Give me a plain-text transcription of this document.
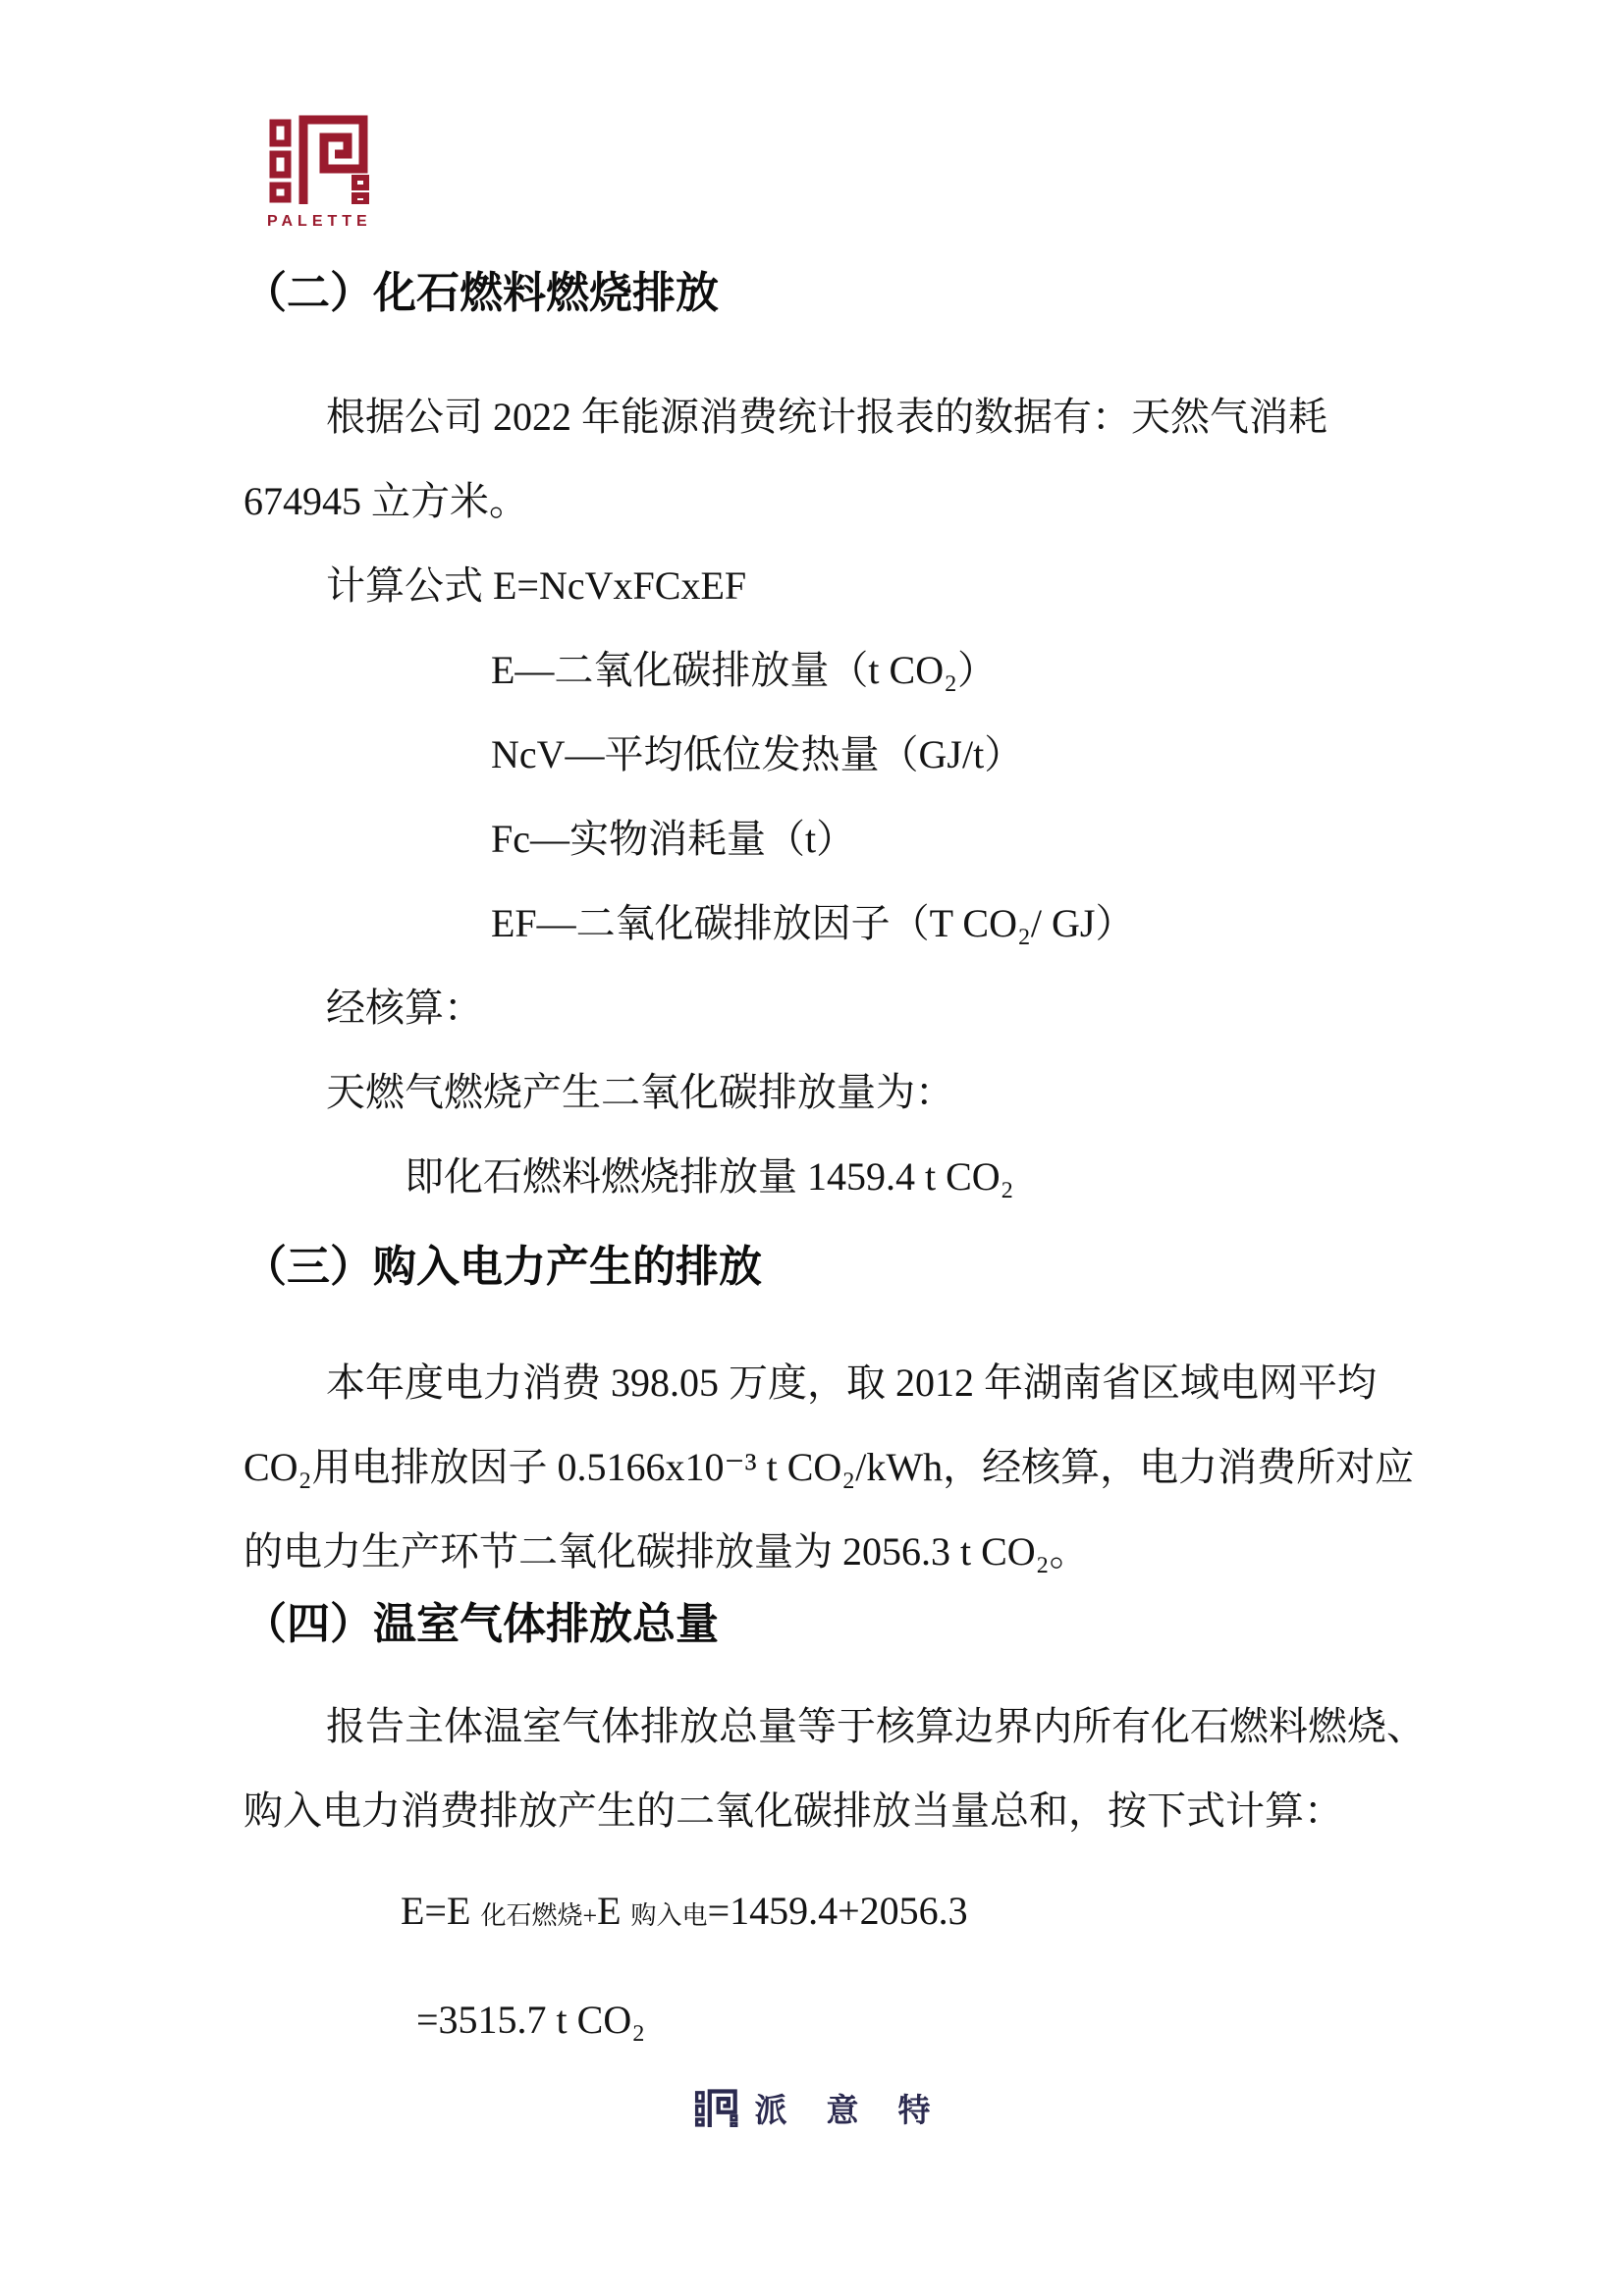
PALETTE
（二）化石燃料燃烧排放
根据公司 2022 年能源消费统计报表的数据有：天然气消耗
674945 立方米。
计算公式 E=NcVxFCxEF
E—二氧化碳排放量（t CO₂）
NcV—平均低位发热量（GJ/t）
Fc—实物消耗量（t）
EF—二氧化碳排放因子（T CO₂/ GJ）
经核算：
天燃气燃烧产生二氧化碳排放量为：
即化石燃料燃烧排放量 1459.4 t CO₂
（三）购入电力产生的排放
本年度电力消费 398.05 万度，取 2012 年湖南省区域电网平均
CO₂用电排放因子 0.5166x10⁻³ t CO₂/kWh，经核算，电力消费所对应
的电力生产环节二氧化碳排放量为 2056.3 t CO₂。
（四）温室气体排放总量
报告主体温室气体排放总量等于核算边界内所有化石燃料燃烧、
购入电力消费排放产生的二氧化碳排放当量总和，按下式计算：
E=E 化石燃烧+E 购入电=1459.4+2056.3
=3515.7 t CO₂
派意特
